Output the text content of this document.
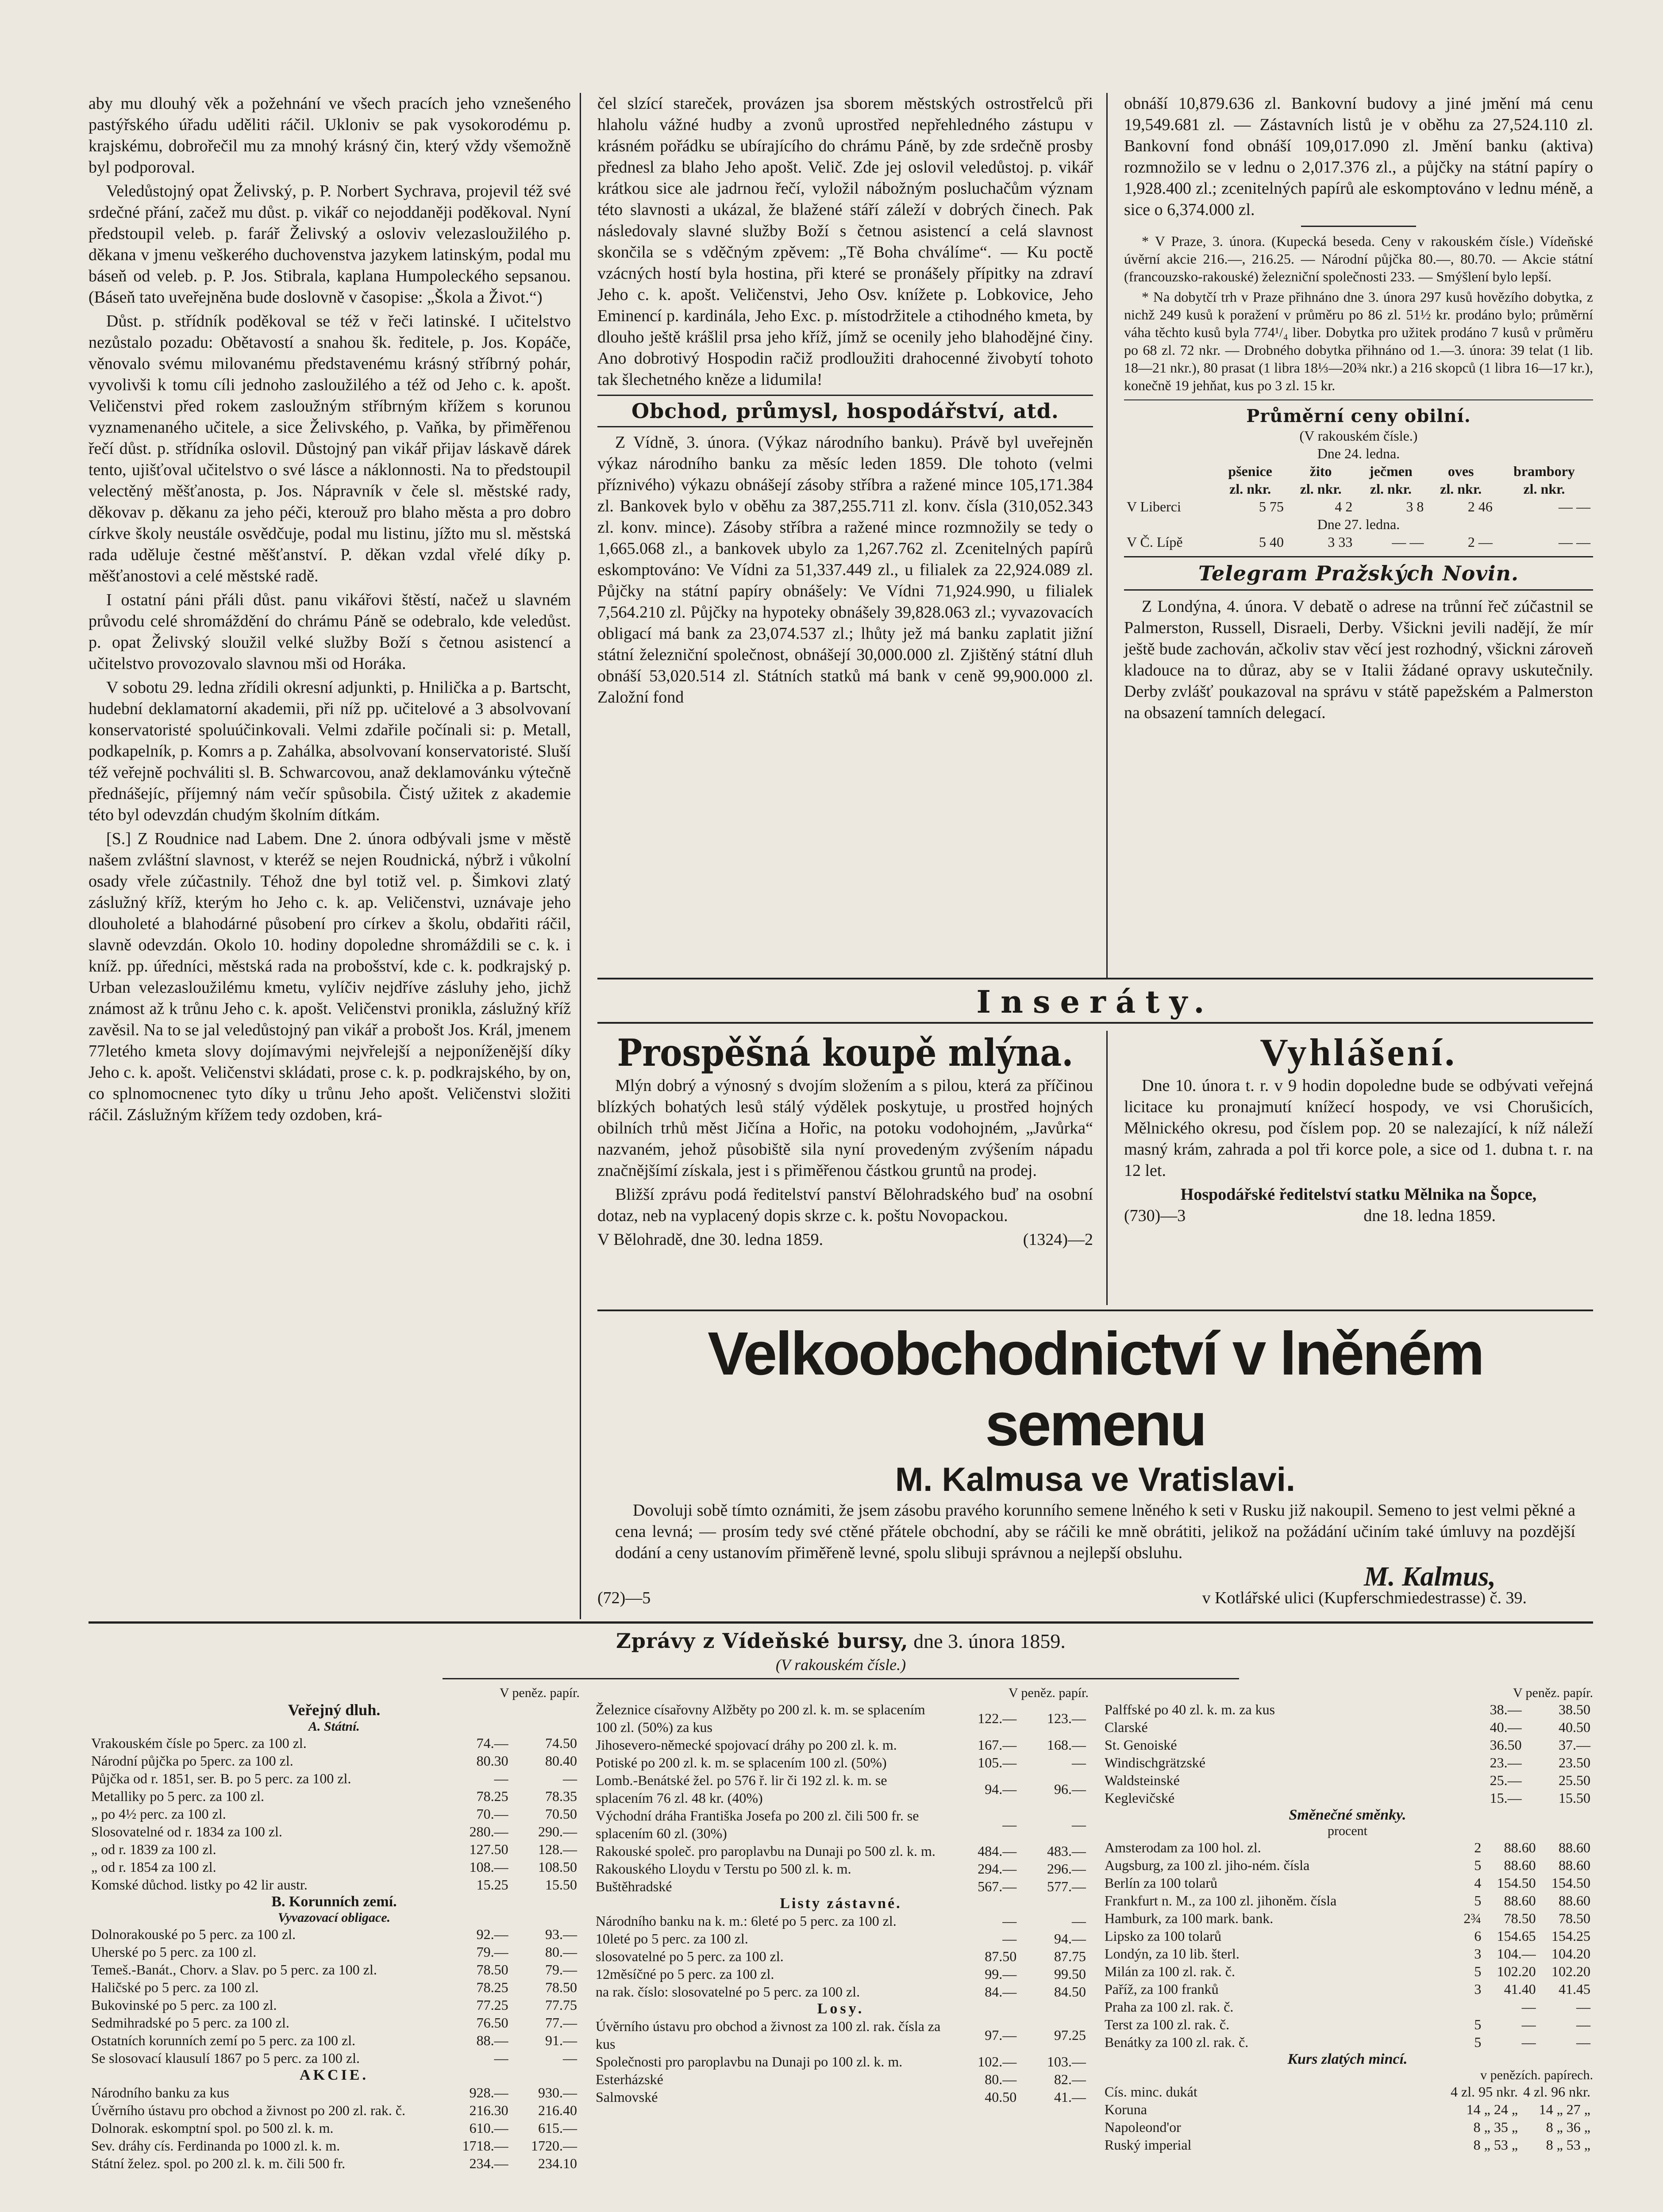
aby mu dlouhý věk a požehnání ve všech pracích jeho vznešeného pastýřského úřadu uděliti ráčil. Ukloniv se pak vysokorodému p. krajskému, dobrořečil mu za mnohý krásný čin, který vždy všemožně byl podporoval.

Veledůstojný opat Želivský, p. P. Norbert Sychrava, projevil též své srdečné přání, začež mu důst. p. vikář co nejoddaněji poděkoval. Nyní předstoupil veleb. p. farář Želivský a osloviv velezasloužilého p. děkana v jmenu veškerého duchovenstva jazykem latinským, podal mu báseň od veleb. p. P. Jos. Stibrala, kaplana Humpoleckého sepsanou. (Báseň tato uveřejněna bude doslovně v časopise: „Škola a Život.“)

Důst. p. střídník poděkoval se též v řeči latinské. I učitelstvo nezůstalo pozadu: Obětavostí a snahou šk. ředitele, p. Jos. Kopáče, věnovalo svému milovanému představenému krásný stříbrný pohár, vyvolivši k tomu cíli jednoho zasloužilého a též od Jeho c. k. apošt. Veličenstvi před rokem zasloužným stříbrným křížem s korunou vyznamenaného učitele, a sice Želivského, p. Vaňka, by přiměřenou řečí důst. p. střídníka oslovil. Důstojný pan vikář přijav láskavě dárek tento, ujišťoval učitelstvo o své lásce a náklonnosti. Na to předstoupil velectěný měšťanosta, p. Jos. Nápravník v čele sl. městské rady, děkovav p. děkanu za jeho péči, kterouž pro blaho města a pro dobro církve školy neustále osvědčuje, podal mu listinu, jížto mu sl. městská rada uděluje čestné měšťanství. P. děkan vzdal vřelé díky p. měšťanostovi a celé městské radě.

I ostatní páni přáli důst. panu vikářovi štěstí, načež u slavném průvodu celé shromáždění do chrámu Páně se odebralo, kde veledůst. p. opat Želivský sloužil velké služby Boží s četnou asistencí a učitelstvo provozovalo slavnou mši od Horáka.

V sobotu 29. ledna zřídili okresní adjunkti, p. Hnilička a p. Bartscht, hudební deklamatorní akademii, při níž pp. učitelové a 3 absolvovaní konservatoristé spoluúčinkovali. Velmi zdařile počínali si: p. Metall, podkapelník, p. Komrs a p. Zahálka, absolvovaní konservatoristé. Sluší též veřejně pochváliti sl. B. Schwarcovou, anaž deklamovánku výtečně přednášejíc, příjemný nám večír spůsobila. Čistý užitek z akademie této byl odevzdán chudým školním dítkám.

[S.] Z Roudnice nad Labem. Dne 2. února odbývali jsme v městě našem zvláštní slavnost, v kteréž se nejen Roudnická, nýbrž i vůkolní osady vřele zúčastnily. Téhož dne byl totiž vel. p. Šimkovi zlatý záslužný kříž, kterým ho Jeho c. k. ap. Veličenstvi, uznávaje jeho dlouholeté a blahodárné působení pro církev a školu, obdařiti ráčil, slavně odevzdán. Okolo 10. hodiny dopoledne shromáždili se c. k. i kníž. pp. úředníci, městská rada na probošství, kde c. k. podkrajský p. Urban velezasloužilému kmetu, vylíčiv nejdříve zásluhy jeho, jichž známost až k trůnu Jeho c. k. apošt. Veličenstvi pronikla, záslužný kříž zavěsil. Na to se jal veledůstojný pan vikář a probošt Jos. Král, jmenem 77letého kmeta slovy dojímavými nejvřelejší a nejponíženější díky Jeho c. k. apošt. Veličenstvi skládati, prose c. k. p. podkrajského, by on, co splnomocnenec tyto díky u trůnu Jeho apošt. Veličenstvi složiti ráčil. Záslužným křížem tedy ozdoben, krá-

čel slzící stareček, provázen jsa sborem městských ostrostřelců při hlaholu vážné hudby a zvonů uprostřed nepřehledného zástupu v krásném pořádku se ubírajícího do chrámu Páně, by zde srdečně prosby přednesl za blaho Jeho apošt. Velič. Zde jej oslovil veledůstoj. p. vikář krátkou sice ale jadrnou řečí, vyložil nábožným posluchačům význam této slavnosti a ukázal, že blažené stáří záleží v dobrých činech. Pak následovaly slavné služby Boží s četnou asistencí a celá slavnost skončila se s vděčným zpěvem: „Tě Boha chválíme“. — Ku poctě vzácných hostí byla hostina, při které se pronášely přípitky na zdraví Jeho c. k. apošt. Veličenstvi, Jeho Osv. knížete p. Lobkovice, Jeho Eminencí p. kardinála, Jeho Exc. p. místodržitele a ctihodného kmeta, by dlouho ještě krášlil prsa jeho kříž, jímž se ocenily jeho blahodějné činy. Ano dobrotivý Hospodin račiž prodloužiti drahocenné živobytí tohoto tak šlechetného kněze a lidumila!

Obchod, průmysl, hospodářství, atd.

Z Vídně, 3. února. (Výkaz národního banku). Právě byl uveřejněn výkaz národního banku za měsíc leden 1859. Dle tohoto (velmi příznivého) výkazu obnášejí zásoby stříbra a ražené mince 105,171.384 zl. Bankovek bylo v oběhu za 387,255.711 zl. konv. čísla (310,052.343 zl. konv. mince). Zásoby stříbra a ražené mince rozmnožily se tedy o 1,665.068 zl., a bankovek ubylo za 1,267.762 zl. Zcenitelných papírů eskomptováno: Ve Vídni za 51,337.449 zl., u filialek za 22,924.089 zl. Půjčky na státní papíry obnášely: Ve Vídni 71,924.990, u filialek 7,564.210 zl. Půjčky na hypoteky obnášely 39,828.063 zl.; vyvazovacích obligací má bank za 23,074.537 zl.; lhůty jež má banku zaplatit jižní státní železniční společnost, obnášejí 30,000.000 zl. Zjištěný státní dluh obnáší 53,020.514 zl. Státních statků má bank v ceně 99,900.000 zl. Založní fond

obnáší 10,879.636 zl. Bankovní budovy a jiné jmění má cenu 19,549.681 zl. — Zástavních listů je v oběhu za 27,524.110 zl. Bankovní fond obnáší 109,017.090 zl. Jmění banku (aktiva) rozmnožilo se v lednu o 2,017.376 zl., a půjčky na státní papíry o 1,928.400 zl.; zcenitelných papírů ale eskomptováno v lednu méně, a sice o 6,374.000 zl.

* V Praze, 3. února. (Kupecká beseda. Ceny v rakouském čísle.) Vídeňské úvěrní akcie 216.—, 216.25. — Národní půjčka 80.—, 80.70. — Akcie státní (francouzsko-rakouské) železniční společnosti 233. — Smýšlení bylo lepší.

* Na dobytčí trh v Praze přihnáno dne 3. února 297 kusů hovězího dobytka, z nichž 249 kusů k poražení v průměru po 86 zl. 51½ kr. prodáno bylo; průměrní váha těchto kusů byla 774¹/₄ liber. Dobytka pro užitek prodáno 7 kusů v průměru po 68 zl. 72 nkr. — Drobného dobytka přihnáno od 1.—3. února: 39 telat (1 lib. 18—21 nkr.), 80 prasat (1 libra 18⅓—20¾ nkr.) a 216 skopců (1 libra 16—17 kr.), konečně 19 jehňat, kus po 3 zl. 15 kr.

Průměrní ceny obilní.
(V rakouském čísle.)
Dne 24. ledna.
	pšenice	žito	ječmen	oves	brambory
	zl. nkr.	zl. nkr.	zl. nkr.	zl. nkr.	zl. nkr.
V Liberci	5 75	4 2	3 8	2 46	— —
Dne 27. ledna.					
V Č. Lípě	5 40	3 33	— —	2 —	— —
Telegram Pražských Novin.

Z Londýna, 4. února. V debatě o adrese na trůnní řeč zúčastnil se Palmerston, Russell, Disraeli, Derby. Všickni jevili nadějí, že mír ještě bude zachován, ačkoliv stav věcí jest rozhodný, všickni zároveň kladouce na to důraz, aby se v Italii žádané opravy uskutečnily. Derby zvlášť poukazoval na správu v státě papežském a Palmerston na obsazení tamních delegací.

Inseráty.
Prospěšná koupě mlýna.

Mlýn dobrý a výnosný s dvojím složením a s pilou, která za příčinou blízkých bohatých lesů stálý výdělek poskytuje, u prostřed hojných obilních trhů měst Jičína a Hořic, na potoku vodohojném, „Javůrka“ nazvaném, jehož působiště sila nyní provedeným zvýšením nápadu značnějšímí získala, jest i s přiměřenou částkou gruntů na prodej.

Bližší zprávu podá ředitelství panství Bělohradského buď na osobní dotaz, neb na vyplacený dopis skrze c. k. poštu Novopackou.

V Bělohradě, dne 30. ledna 1859.	(1324)—2
Vyhlášení.

Dne 10. února t. r. v 9 hodin dopoledne bude se odbývati veřejná licitace ku pronajmutí knížecí hospody, ve vsi Chorušicích, Mělnického okresu, pod číslem pop. 20 se nalezající, k níž náleží masný krám, zahrada a pol tři korce pole, a sice od 1. dubna t. r. na 12 let.

Hospodářské ředitelství statku Mělnika na Šopce,
(730)—3	dne 18. ledna 1859.
Velkoobchodnictví v lněném semenu
M. Kalmusa ve Vratislavi.

Dovoluji sobě tímto oznámiti, že jsem zásobu pravého korunního semene lněného k seti v Rusku již nakoupil. Semeno to jest velmi pěkné a cena levná; — prosím tedy své ctěné přátele obchodní, aby se ráčili ke mně obrátiti, jelikož na požádání učiním také úmluvy na pozdější dodání a ceny ustanovím přiměřeně levné, spolu slibuji správnou a nejlepší obsluhu.

M. Kalmus,
(72)—5	v Kotlářské ulici (Kupferschmiedestrasse) č. 39.
Zprávy z Vídeňské bursy, dne 3. února 1859.
(V rakouském čísle.)
V peněz. papír.
Veřejný dluh.
A. Státní.
Vrakouském čísle po 5perc. za 100 zl.	74.—	74.50
Národní půjčka po 5perc. za 100 zl.	80.30	80.40
Půjčka od r. 1851, ser. B. po 5 perc. za 100 zl.	—	—
Metalliky po 5 perc. za 100 zl.	78.25	78.35
„ po 4½ perc. za 100 zl.	70.—	70.50
Slosovatelné od r. 1834 za 100 zl.	280.—	290.—
„ od r. 1839 za 100 zl.	127.50	128.—
„ od r. 1854 za 100 zl.	108.—	108.50
Komské důchod. listky po 42 lir austr.	15.25	15.50
B. Korunních zemí.
Vyvazovací obligace.
Dolnorakouské po 5 perc. za 100 zl.	92.—	93.—
Uherské po 5 perc. za 100 zl.	79.—	80.—
Temeš.-Banát., Chorv. a Slav. po 5 perc. za 100 zl.	78.50	79.—
Haličské po 5 perc. za 100 zl.	78.25	78.50
Bukovinské po 5 perc. za 100 zl.	77.25	77.75
Sedmihradské po 5 perc. za 100 zl.	76.50	77.—
Ostatních korunních zemí po 5 perc. za 100 zl.	88.—	91.—
Se slosovací klausulí 1867 po 5 perc. za 100 zl.	—	—
AKCIE.
Národního banku za kus	928.—	930.—
Úvěrního ústavu pro obchod a živnost po 200 zl. rak. č.	216.30	216.40
Dolnorak. eskomptní spol. po 500 zl. k. m.	610.—	615.—
Sev. dráhy cís. Ferdinanda po 1000 zl. k. m.	1718.—	1720.—
Státní želez. spol. po 200 zl. k. m. čili 500 fr.	234.—	234.10
V peněz. papír.
Železnice císařovny Alžběty po 200 zl. k. m. se splacením 100 zl. (50%) za kus	122.—	123.—
Jihoseverо-německé spojovací dráhy po 200 zl. k. m.	167.—	168.—
Potiské po 200 zl. k. m. se splacením 100 zl. (50%)	105.—	—
Lomb.-Benátské žel. po 576 ř. lir či 192 zl. k. m. se splacením 76 zl. 48 kr. (40%)	94.—	96.—
Východní dráha Františka Josefa po 200 zl. čili 500 fr. se splacením 60 zl. (30%)	—	—
Rakouské společ. pro paroplavbu na Dunaji po 500 zl. k. m.	484.—	483.—
Rakouského Lloydu v Terstu po 500 zl. k. m.	294.—	296.—
Buštěhradské	567.—	577.—
Listy zástavné.
Národního banku na k. m.: 6leté po 5 perc. za 100 zl.	—	—
10leté po 5 perc. za 100 zl.	—	94.—
slosovatelné po 5 perc. za 100 zl.	87.50	87.75
12měsíčné po 5 perc. za 100 zl.	99.—	99.50
na rak. číslo: slosovatelné po 5 perc. za 100 zl.	84.—	84.50
Losy.
Úvěrního ústavu pro obchod a živnost za 100 zl. rak. čísla za kus	97.—	97.25
Společnosti pro paroplavbu na Dunaji po 100 zl. k. m.	102.—	103.—
Esterházské	80.—	82.—
Salmovské	40.50	41.—
V peněz. papír.
Palffské po 40 zl. k. m. za kus	38.—	38.50
Clarské	40.—	40.50
St. Genoiské	36.50	37.—
Windischgrätzské	23.—	23.50
Waldsteinské	25.—	25.50
Keglevičské	15.—	15.50
Směnečné směnky.
procent
Amsterodam za 100 hol. zl.	2	88.60	88.60
Augsburg, za 100 zl. jiho-ném. čísla	5	88.60	88.60
Berlín za 100 tolarů	4	154.50	154.50
Frankfurt n. M., za 100 zl. jihoněm. čísla	5	88.60	88.60
Hamburk, za 100 mark. bank.	2¾	78.50	78.50
Lipsko za 100 tolarů	6	154.65	154.25
Londýn, za 10 lib. šterl.	3	104.—	104.20
Milán za 100 zl. rak. č.	5	102.20	102.20
Paříž, za 100 franků	3	41.40	41.45
Praha za 100 zl. rak. č.		—	—
Terst za 100 zl. rak. č.	5	—	—
Benátky za 100 zl. rak. č.	5	—	—
Kurs zlatých mincí.
v penězích. papírech.
Cís. minc. dukát	4 zl. 95 nkr.	4 zl. 96 nkr.
Koruna	14 „ 24 „	14 „ 27 „
Napoleond'or	8 „ 35 „	8 „ 36 „
Ruský imperial	8 „ 53 „	8 „ 53 „
